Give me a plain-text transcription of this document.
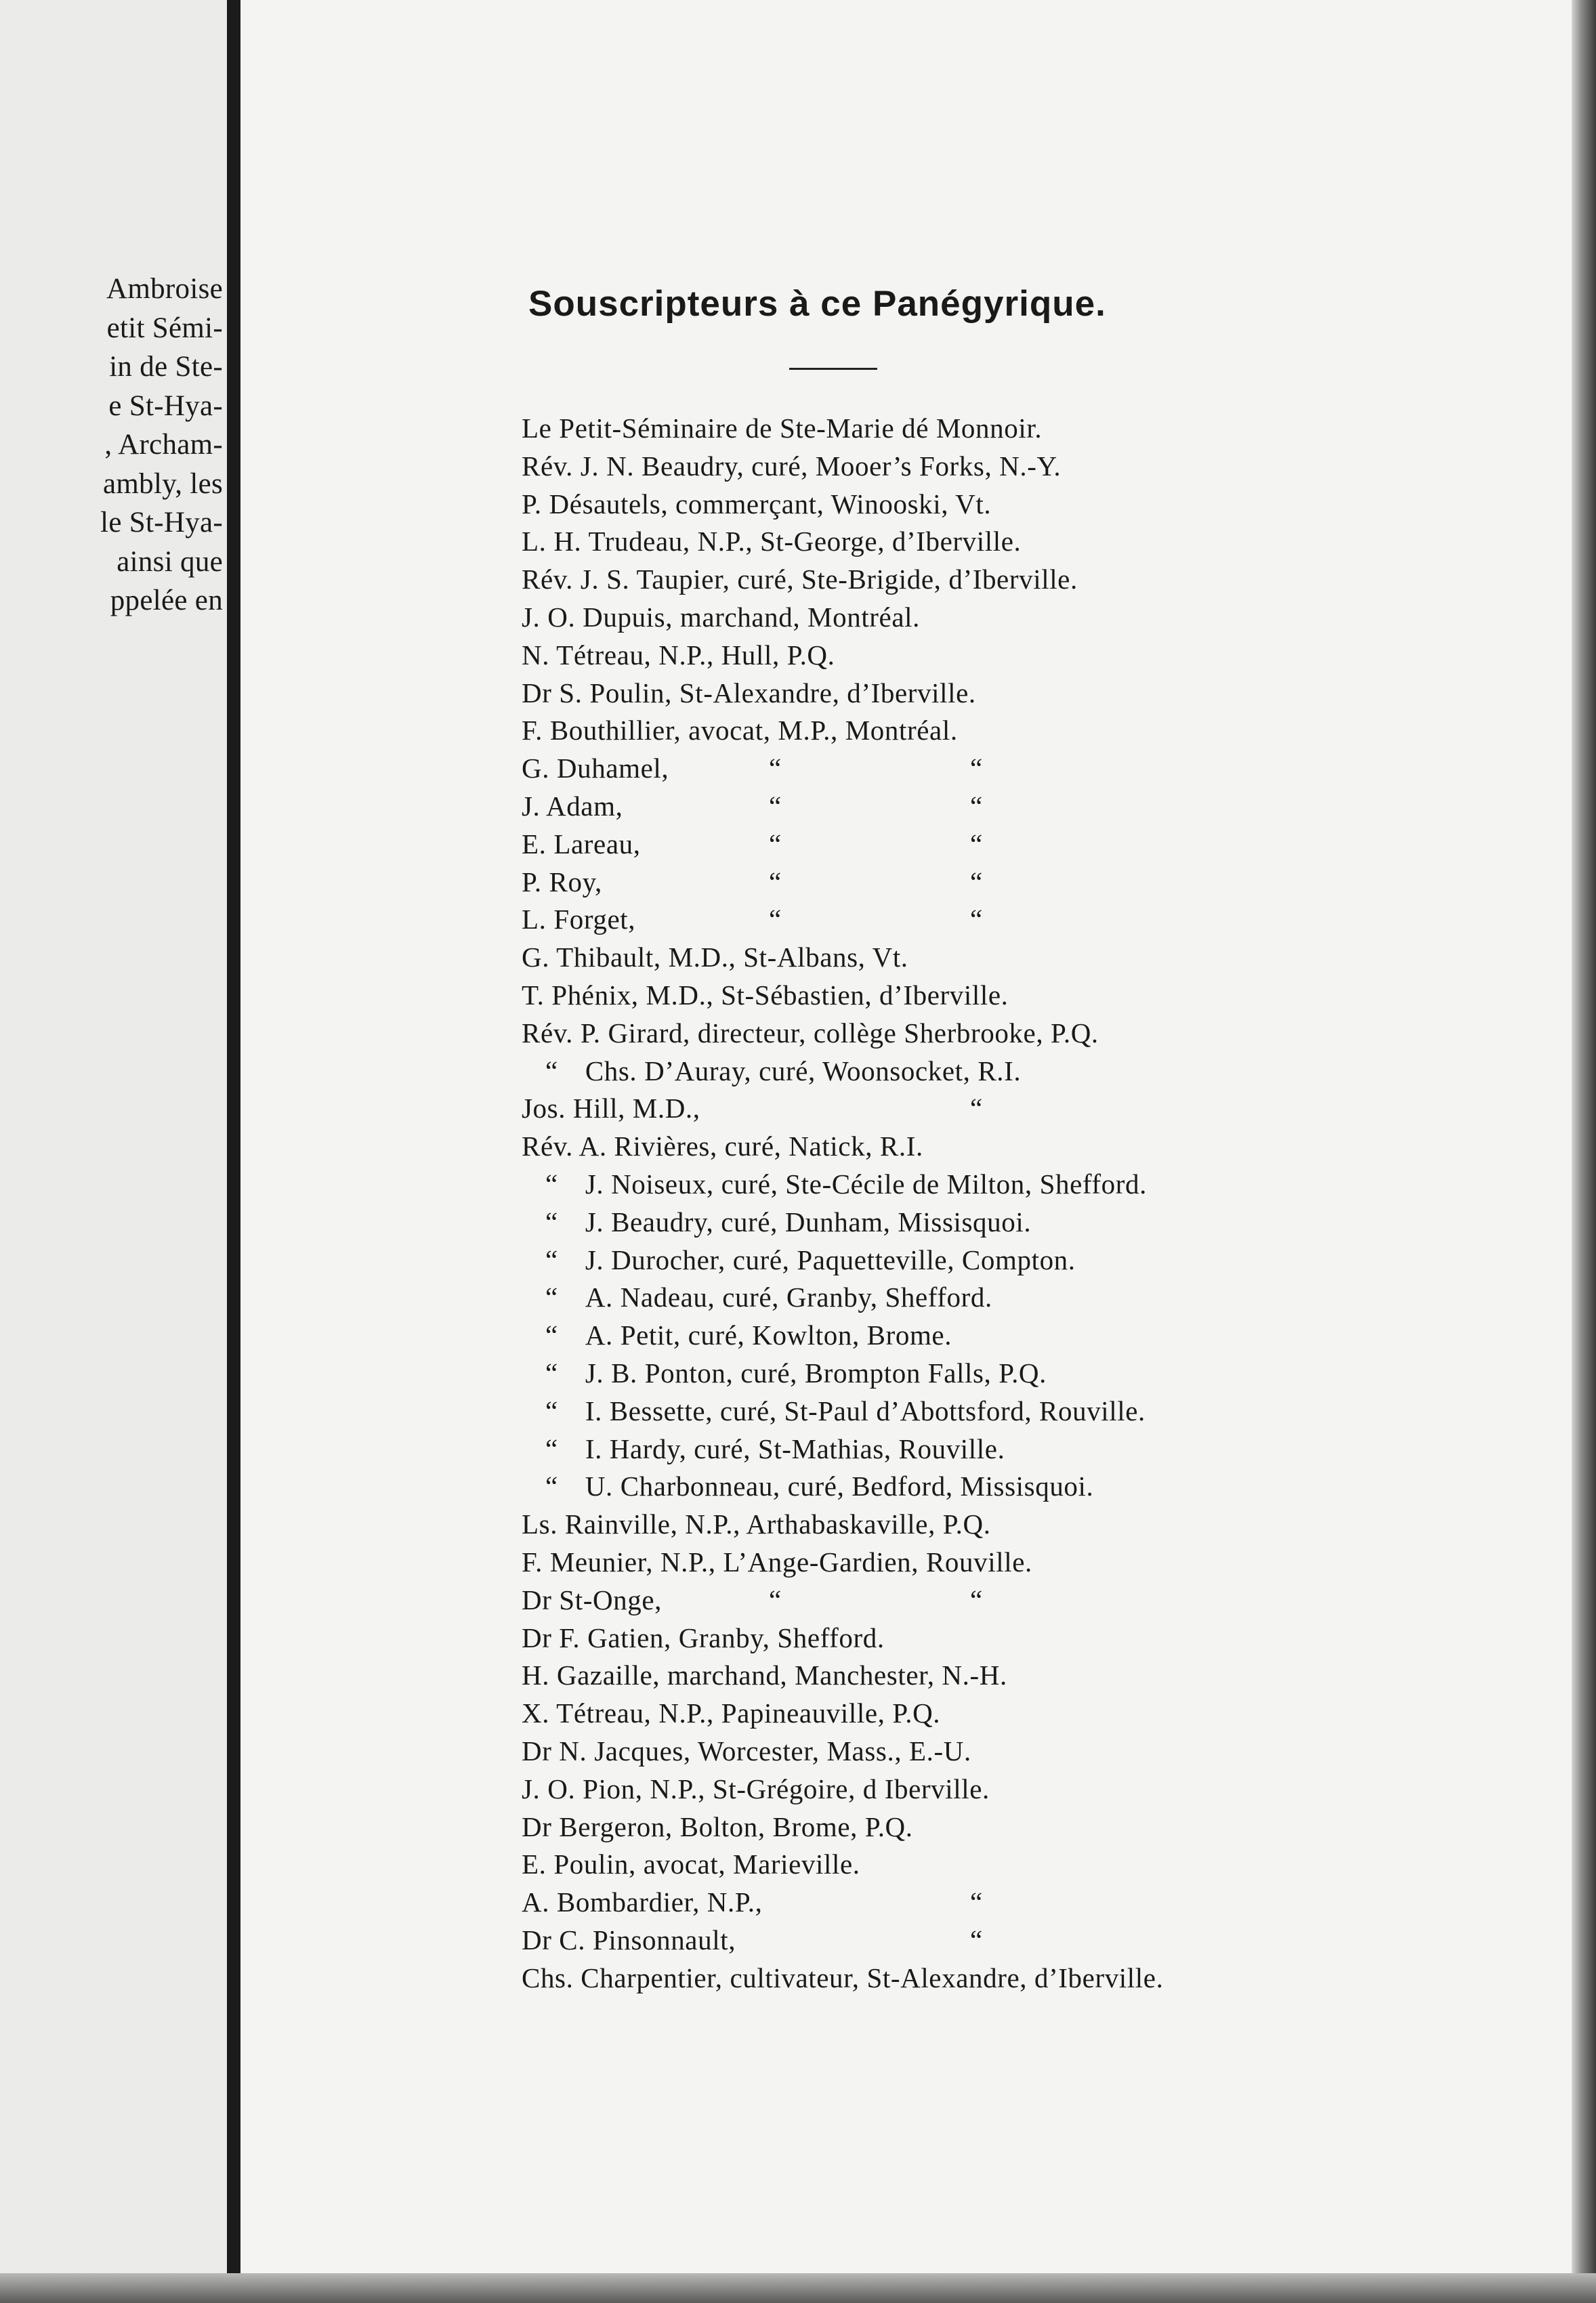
Ambroise
etit Sémi-
in de Ste-
e St-Hya-
, Archam-
ambly, les
le St-Hya-
ainsi que
ppelée en
Souscripteurs à ce Panégyrique.
Le Petit-Séminaire de Ste-Marie dé Monnoir.
Rév. J. N. Beaudry, curé, Mooer’s Forks, N.-Y.
P. Désautels, commerçant, Winooski, Vt.
L. H. Trudeau, N.P., St-George, d’Iberville.
Rév. J. S. Taupier, curé, Ste-Brigide, d’Iberville.
J. O. Dupuis, marchand, Montréal.
N. Tétreau, N.P., Hull, P.Q.
Dr S. Poulin, St-Alexandre, d’Iberville.
F. Bouthillier, avocat, M.P., Montréal.
G. Duhamel,	“	“
J. Adam,	“	“
E. Lareau,	“	“
P. Roy,	“	“
L. Forget,	“	“
G. Thibault, M.D., St-Albans, Vt.
T. Phénix, M.D., St-Sébastien, d’Iberville.
Rév. P. Girard, directeur, collège Sherbrooke, P.Q.
“ Chs. D’Auray, curé, Woonsocket, R.I.
Jos. Hill, M.D.,	“
Rév. A. Rivières, curé, Natick, R.I.
“ J. Noiseux, curé, Ste-Cécile de Milton, Shefford.
“ J. Beaudry, curé, Dunham, Missisquoi.
“ J. Durocher, curé, Paquetteville, Compton.
“ A. Nadeau, curé, Granby, Shefford.
“ A. Petit, curé, Kowlton, Brome.
“ J. B. Ponton, curé, Brompton Falls, P.Q.
“ I. Bessette, curé, St-Paul d’Abottsford, Rouville.
“ I. Hardy, curé, St-Mathias, Rouville.
“ U. Charbonneau, curé, Bedford, Missisquoi.
Ls. Rainville, N.P., Arthabaskaville, P.Q.
F. Meunier, N.P., L’Ange-Gardien, Rouville.
Dr St-Onge,	“	“
Dr F. Gatien, Granby, Shefford.
H. Gazaille, marchand, Manchester, N.-H.
X. Tétreau, N.P., Papineauville, P.Q.
Dr N. Jacques, Worcester, Mass., E.-U.
J. O. Pion, N.P., St-Grégoire, d Iberville.
Dr Bergeron, Bolton, Brome, P.Q.
E. Poulin, avocat, Marieville.
A. Bombardier, N.P.,	“
Dr C. Pinsonnault,	“
Chs. Charpentier, cultivateur, St-Alexandre, d’Iberville.
